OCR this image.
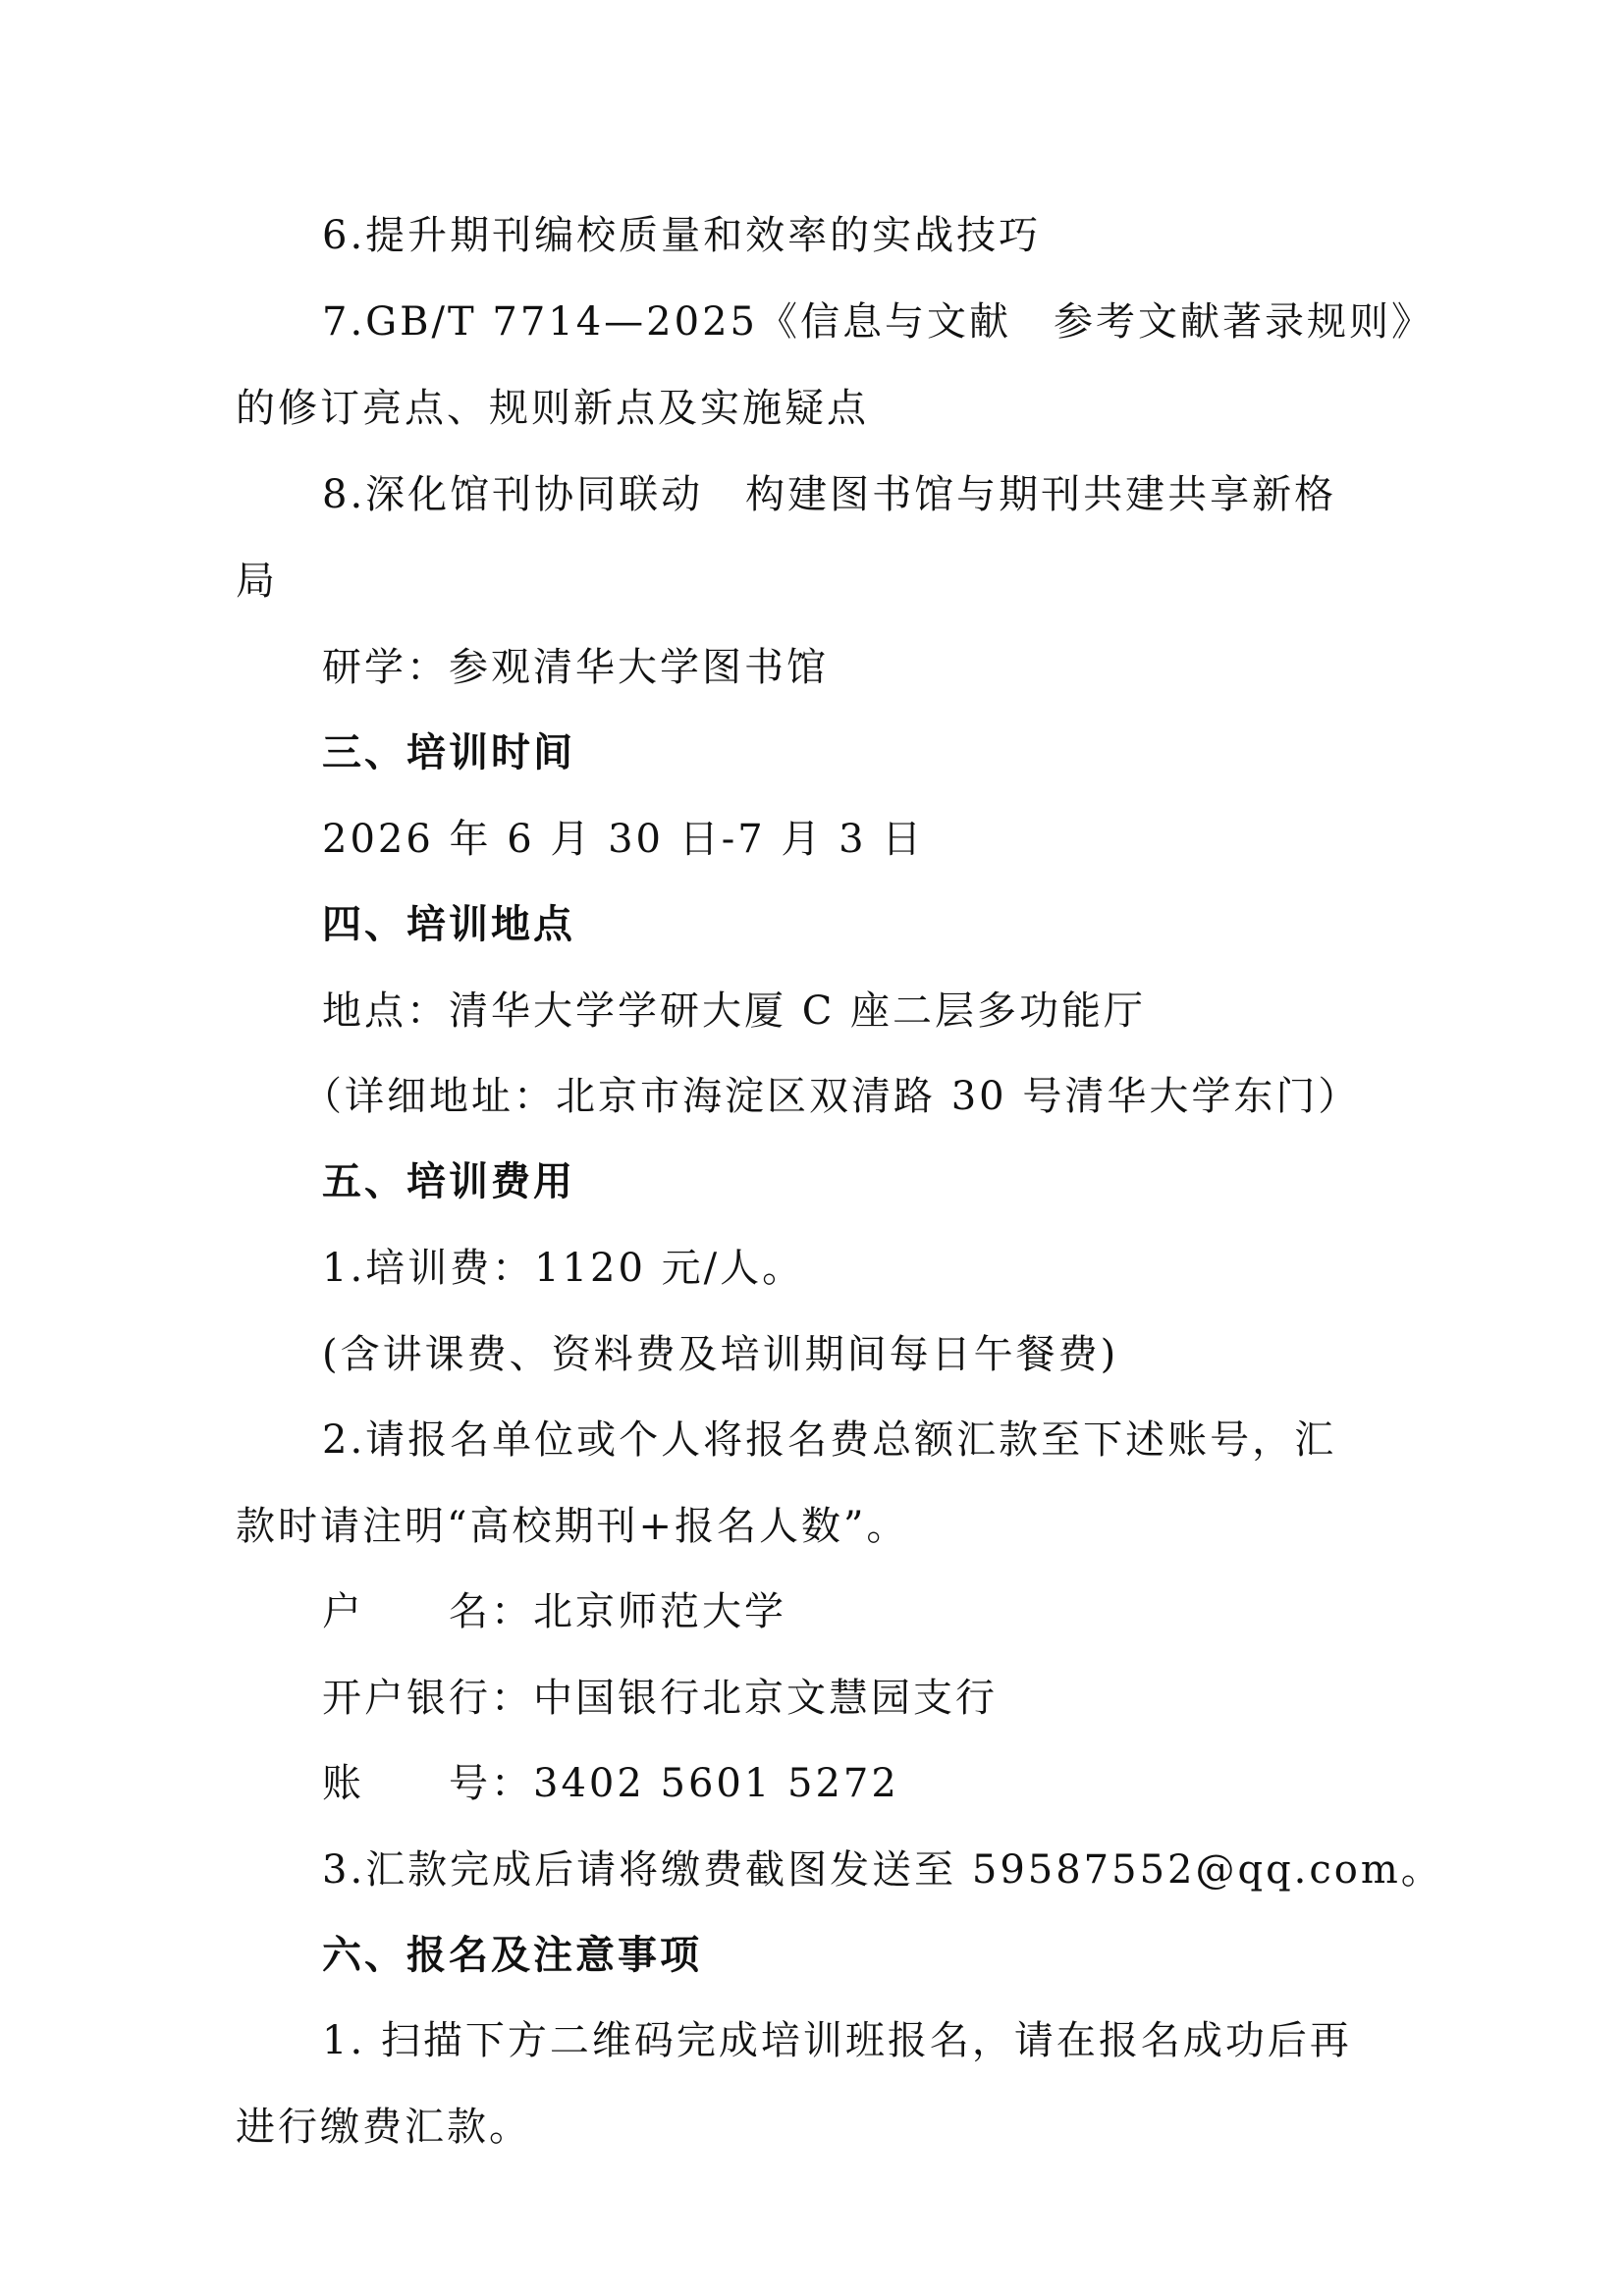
6.提升期刊编校质量和效率的实战技巧
7.GB/T 7714—2025《信息与文献　参考文献著录规则》
的修订亮点、规则新点及实施疑点
8.深化馆刊协同联动　构建图书馆与期刊共建共享新格
局
研学：参观清华大学图书馆
三、培训时间
2026 年 6 月 30 日-7 月 3 日
四、培训地点
地点：清华大学学研大厦 C 座二层多功能厅
（详细地址：北京市海淀区双清路 30 号清华大学东门）
五、培训费用
1.培训费：1120 元/人。
(含讲课费、资料费及培训期间每日午餐费)
2.请报名单位或个人将报名费总额汇款至下述账号，汇
款时请注明“高校期刊+报名人数”。
户　　名：北京师范大学
开户银行：中国银行北京文慧园支行
账　　号：3402 5601 5272
3.汇款完成后请将缴费截图发送至 59587552@qq.com。
六、报名及注意事项
1. 扫描下方二维码完成培训班报名，请在报名成功后再
进行缴费汇款。
